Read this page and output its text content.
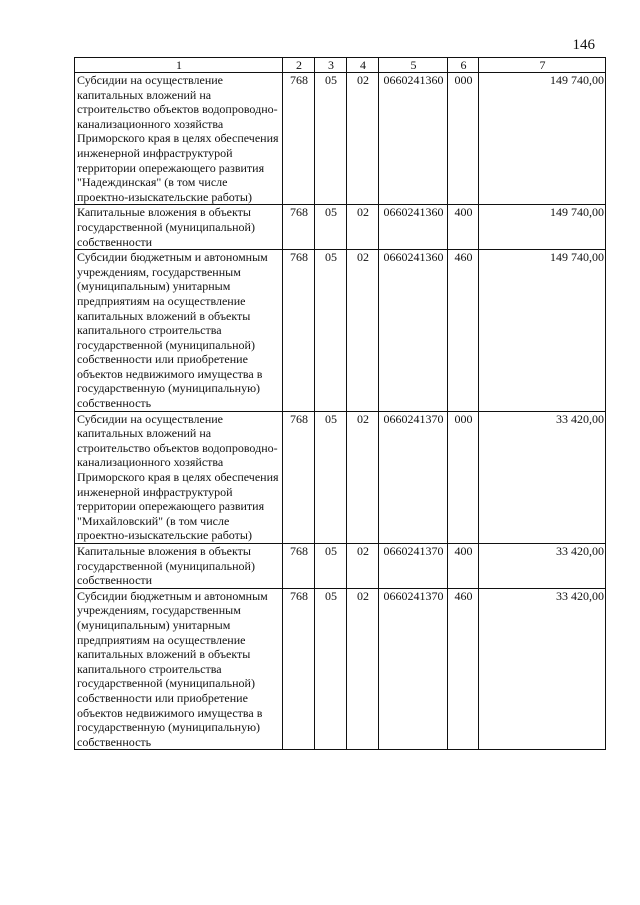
146
1	2	3	4	5	6	7
Субсидии на осуществление капитальных вложений на строительство объектов водопроводно-канализационного хозяйства Приморского края в целях обеспечения инженерной инфраструктурой территории опережающего развития "Надеждинская" (в том числе проектно-изыскательские работы)	768	05	02	0660241360	000	149 740,00
Капитальные вложения в объекты государственной (муниципальной) собственности	768	05	02	0660241360	400	149 740,00
Субсидии бюджетным и автономным учреждениям, государственным (муниципальным) унитарным предприятиям на осуществление капитальных вложений в объекты капитального строительства государственной (муниципальной) собственности или приобретение объектов недвижимого имущества в государственную (муниципальную) собственность	768	05	02	0660241360	460	149 740,00
Субсидии на осуществление капитальных вложений на строительство объектов водопроводно-канализационного хозяйства Приморского края в целях обеспечения инженерной инфраструктурой территории опережающего развития "Михайловский" (в том числе проектно-изыскательские работы)	768	05	02	0660241370	000	33 420,00
Капитальные вложения в объекты государственной (муниципальной) собственности	768	05	02	0660241370	400	33 420,00
Субсидии бюджетным и автономным учреждениям, государственным (муниципальным) унитарным предприятиям на осуществление капитальных вложений в объекты капитального строительства государственной (муниципальной) собственности или приобретение объектов недвижимого имущества в государственную (муниципальную) собственность	768	05	02	0660241370	460	33 420,00
